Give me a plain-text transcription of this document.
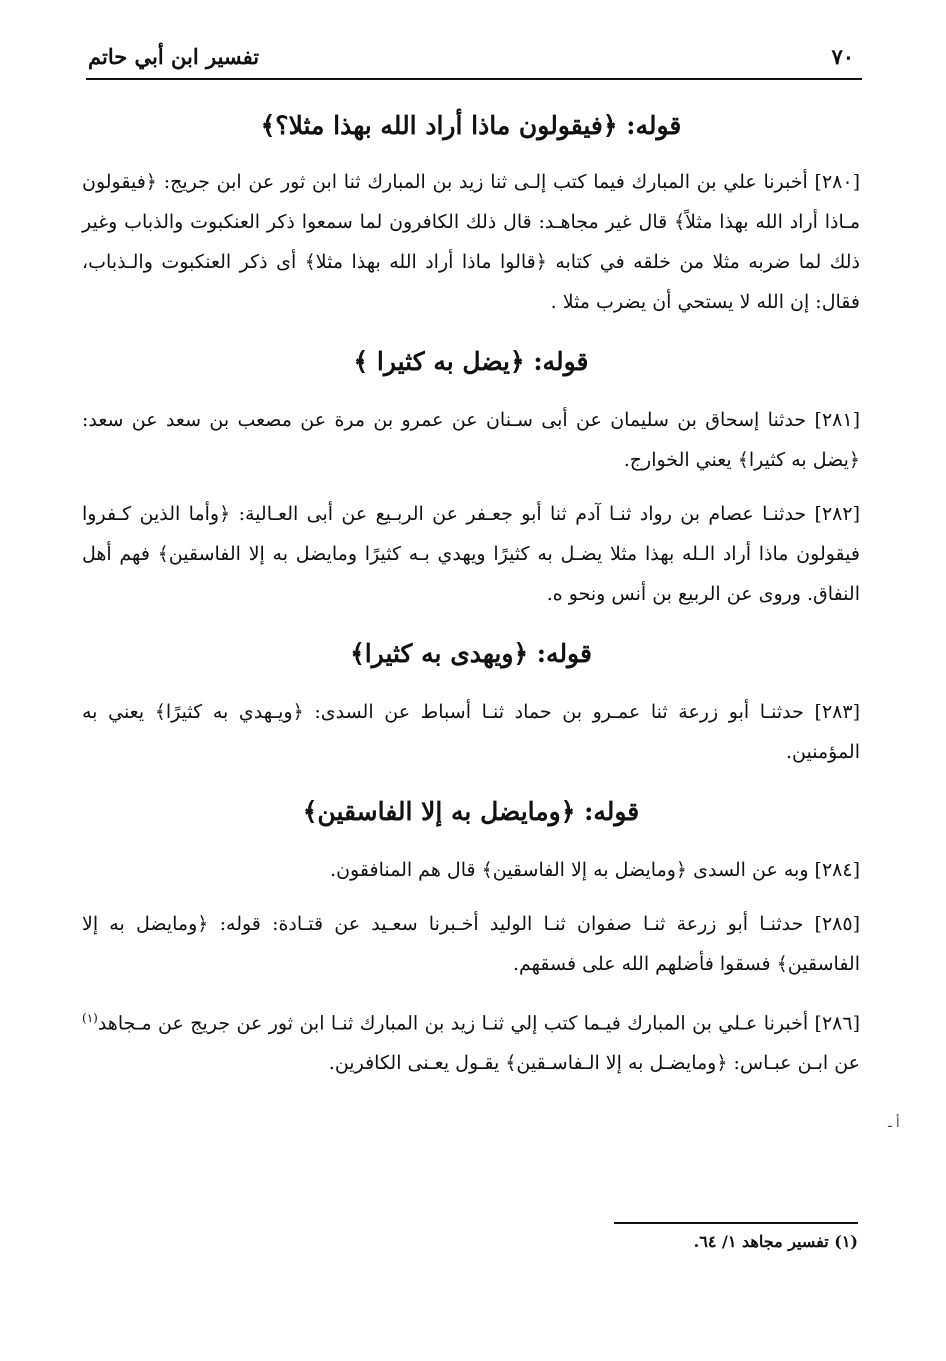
٧٠
تفسير ابن أبي حاتم
قوله: ﴿فيقولون ماذا أراد الله بهذا مثلا؟﴾

[٢٨٠] أخبرنا علي بن المبارك فيما كتب إلـى ثنا زيد بن المبارك ثنا ابن ثور عن ابن جريج: ﴿فيقولون مـاذا أراد الله بهذا مثلاً﴾ قال غير مجاهـد: قال ذلك الكافرون لما سمعوا ذكر العنكبوت والذباب وغير ذلك لما ضربه مثلا من خلقه في كتابه ﴿قالوا ماذا أراد الله بهذا مثلا﴾ أى ذكر العنكبوت والـذباب، فقال: إن الله لا يستحي أن يضرب مثلا .

قوله: ﴿يضل به كثيرا ﴾

[٢٨١] حدثنا إسحاق بن سليمان عن أبى سـنان عن عمرو بن مرة عن مصعب بن سعد عن سعد: ﴿يضل به كثيرا﴾ يعني الخوارج.

[٢٨٢] حدثنـا عصام بن رواد ثنـا آدم ثنا أبو جعـفر عن الربـيع عن أبى العـالية: ﴿وأما الذين كـفروا فيقولون ماذا أراد الـله بهذا مثلا يضـل به كثيرًا ويهدي بـه كثيرًا ومايضل به إلا الفاسقين﴾ فهم أهل النفاق. وروى عن الربيع بن أنس ونحو ه.

قوله: ﴿ويهدى به كثيرا﴾

[٢٨٣] حدثنـا أبو زرعة ثنا عمـرو بن حماد ثنـا أسباط عن السدى: ﴿ويـهدي به كثيرًا﴾ يعني به المؤمنين.

قوله: ﴿ومايضل به إلا الفاسقين﴾

[٢٨٤] وبه عن السدى ﴿ومايضل به إلا الفاسقين﴾ قال هم المنافقون.

[٢٨٥] حدثنـا أبو زرعة ثنـا صفوان ثنـا الوليد أخـبرنا سعـيد عن قتـادة: قوله: ﴿ومايضل به إلا الفاسقين﴾ فسقوا فأضلهم الله على فسقهم.

[٢٨٦] أخبرنا عـلي بن المبارك فيـما كتب إلي ثنـا زيد بن المبارك ثنـا ابن ثور عن جريج عن مـجاهد$^{(١)}$ عن ابـن عبـاس: ﴿ومايضـل به إلا الـفاسـقين﴾ يقـول يعـنى الكافرين.

أ ـ
(١) تفسير مجاهد ١/ ٦٤.
